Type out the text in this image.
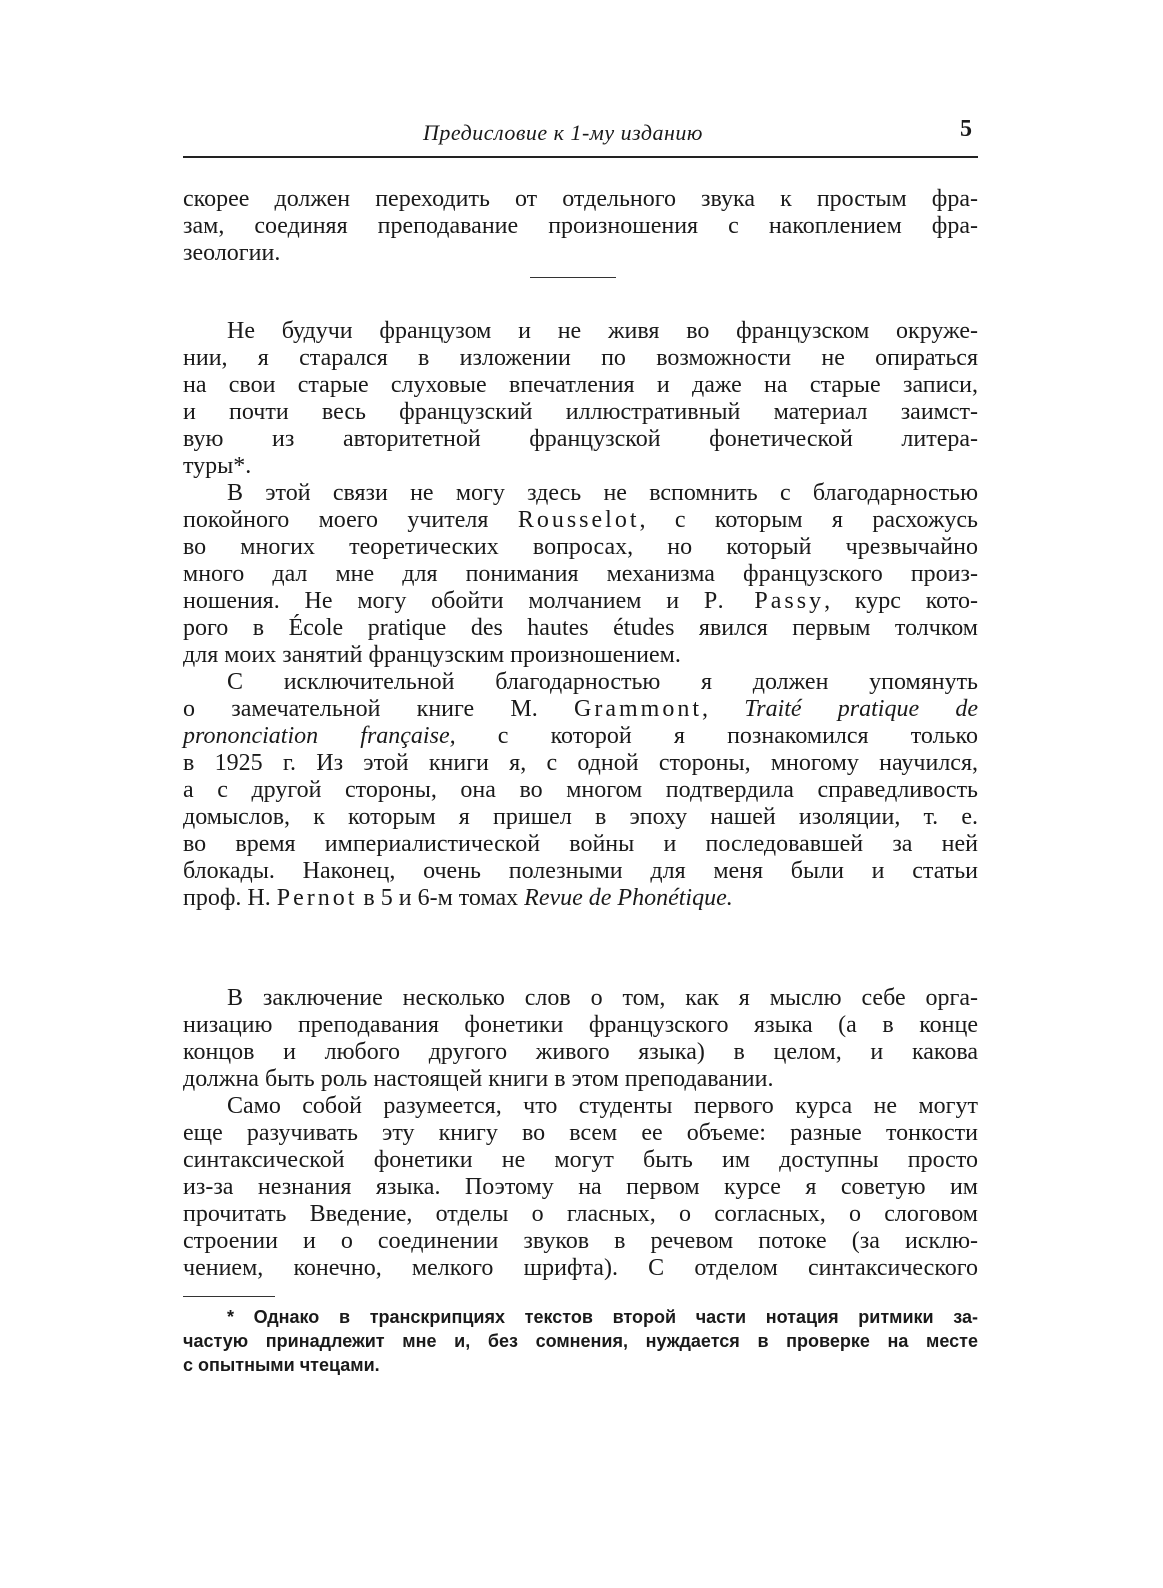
Предисловие к 1-му изданию	5
скорее должен переходить от отдельного звука к простым фра-
зам, соединяя преподавание произношения с накоплением фра-
зеологии.
Не будучи французом и не живя во французском окруже-
нии, я старался в изложении по возможности не опираться
на свои старые слуховые впечатления и даже на старые записи,
и почти весь французский иллюстративный материал заимст-
вую из авторитетной французской фонетической литера-
туры*.
В этой связи не могу здесь не вспомнить с благодарностью
покойного моего учителя Rousselot, с которым я расхожусь
во многих теоретических вопросах, но который чрезвычайно
много дал мне для понимания механизма французского произ-
ношения. Не могу обойти молчанием и P. Passy, курс кото-
рого в École pratique des hautes études явился первым толчком
для моих занятий французским произношением.
С исключительной благодарностью я должен упомянуть
о замечательной книге М. Grammont, Traité pratique de
prononciation française, с которой я познакомился только
в 1925 г. Из этой книги я, с одной стороны, многому научился,
а с другой стороны, она во многом подтвердила справедливость
домыслов, к которым я пришел в эпоху нашей изоляции, т. е.
во время империалистической войны и последовавшей за ней
блокады. Наконец, очень полезными для меня были и статьи
проф. H. Pernot в 5 и 6-м томах Revue de Phonétique.
В заключение несколько слов о том, как я мыслю себе орга-
низацию преподавания фонетики французского языка (а в конце
концов и любого другого живого языка) в целом, и какова
должна быть роль настоящей книги в этом преподавании.
Само собой разумеется, что студенты первого курса не могут
еще разучивать эту книгу во всем ее объеме: разные тонкости
синтаксической фонетики не могут быть им доступны просто
из-за незнания языка. Поэтому на первом курсе я советую им
прочитать Введение, отделы о гласных, о согласных, о слоговом
строении и о соединении звуков в речевом потоке (за исклю-
чением, конечно, мелкого шрифта). С отделом синтаксического
* Однако в транскрипциях текстов второй части нотация ритмики за-
частую принадлежит мне и, без сомнения, нуждается в проверке на месте
с опытными чтецами.
